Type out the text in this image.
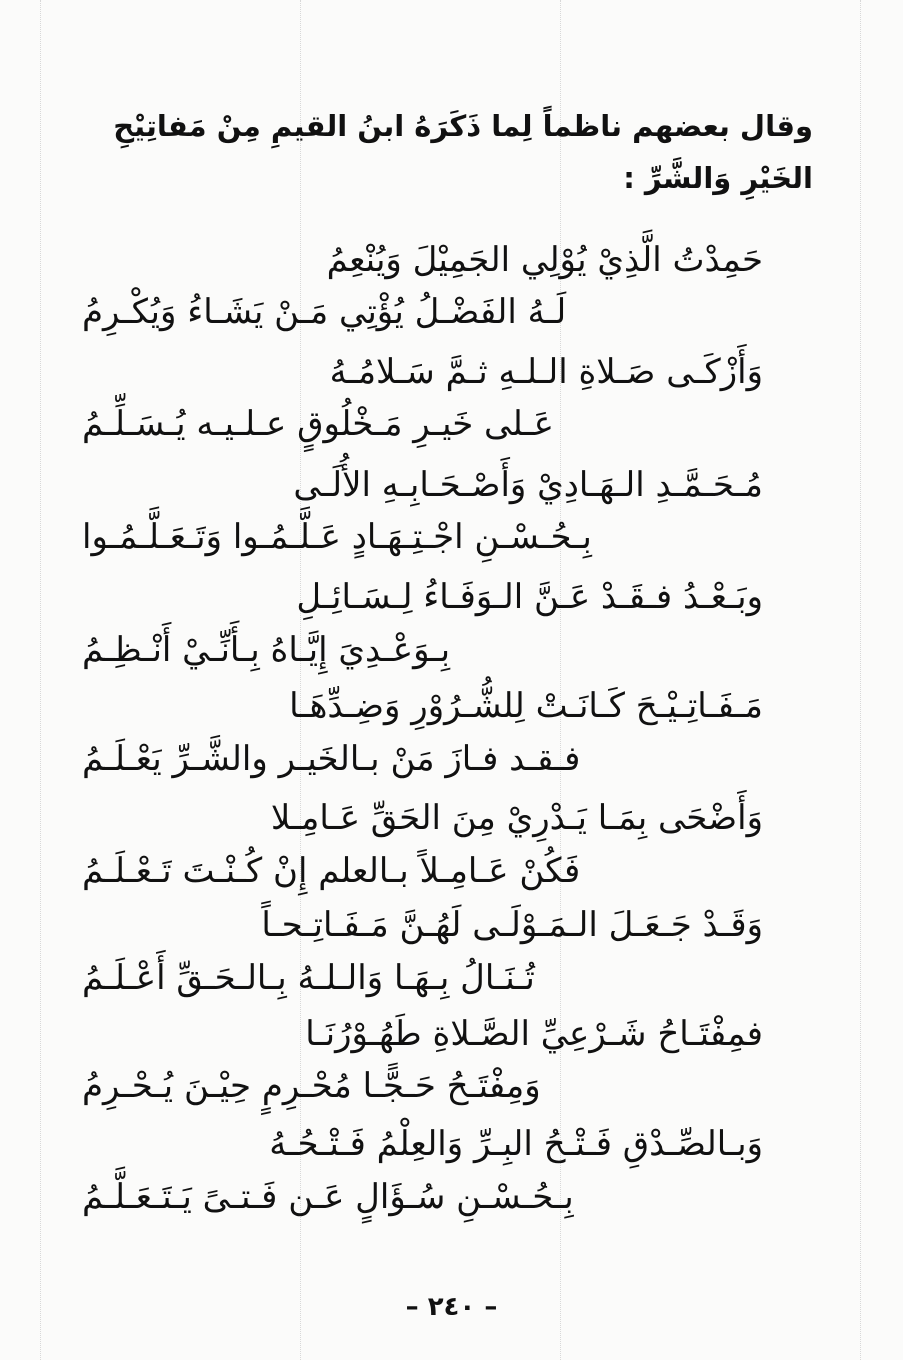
وقال بعضهم ناظماً لِما ذَكَرَهُ ابنُ القيمِ مِنْ مَفاتِيْحِ الخَيْرِ وَالشَّرِّ :
حَمِدْتُ الَّذِيْ يُوْلِي الجَمِيْلَ وَيُنْعِمُ
لَـهُ الفَضْـلُ يُؤْتِي مَـنْ يَشَـاءُ وَيُكْـرِمُ
وَأَزْكَـى صَـلاةِ الـلـهِ ثـمَّ سَـلامُـهُ
عَـلى خَيـرِ مَـخْلُوقٍ عـلـيـه يُـسَـلِّـمُ
مُـحَـمَّـدِ الـهَـادِيْ وَأَصْـحَـابِـهِ الأُلَـى
بِـحُـسْـنِ اجْـتِـهَـادٍ عَـلَّـمُـوا وَتَـعَـلَّـمُـوا
وبَـعْـدُ فـقَـدْ عَـنَّ الـوَفَـاءُ لِـسَـائِـلِ
بِـوَعْـدِيَ إِيَّـاهُ بِـأَنِّـيْ أَنْـظِـمُ
مَـفَـاتِـيْـحَ كَـانَـتْ لِلشُّـرُوْرِ وَضِـدِّهَـا
فـقـد فـازَ مَنْ بـالخَيـر والشَّـرِّ يَعْـلَـمُ
وَأَضْحَى بِمَـا يَـدْرِيْ مِنَ الحَقِّ عَـامِـلا
فَكُنْ عَـامِـلاً بـالعلم إِنْ كُـنْـتَ تَـعْـلَـمُ
وَقَـدْ جَـعَـلَ الـمَـوْلَـى لَهُـنَّ مَـفَـاتِـحـاً
تُـنَـالُ بِـهَـا وَالـلـهُ بِـالـحَـقِّ أَعْـلَـمُ
فمِفْتَـاحُ شَـرْعِيِّ الصَّـلاةِ طَهُـوْرُنَـا
وَمِفْتَـحُ حَـجًّـا مُحْـرِمٍ حِيْـنَ يُـحْـرِمُ
وَبـالصِّـدْقِ فَـتْـحُ البِـرِّ وَالعِلْمُ فَـتْـحُـهُ
بِـحُـسْـنِ سُـؤَالٍ عَـن فَـتـىً يَـتَـعَـلَّـمُ
– ٢٤٠ –
